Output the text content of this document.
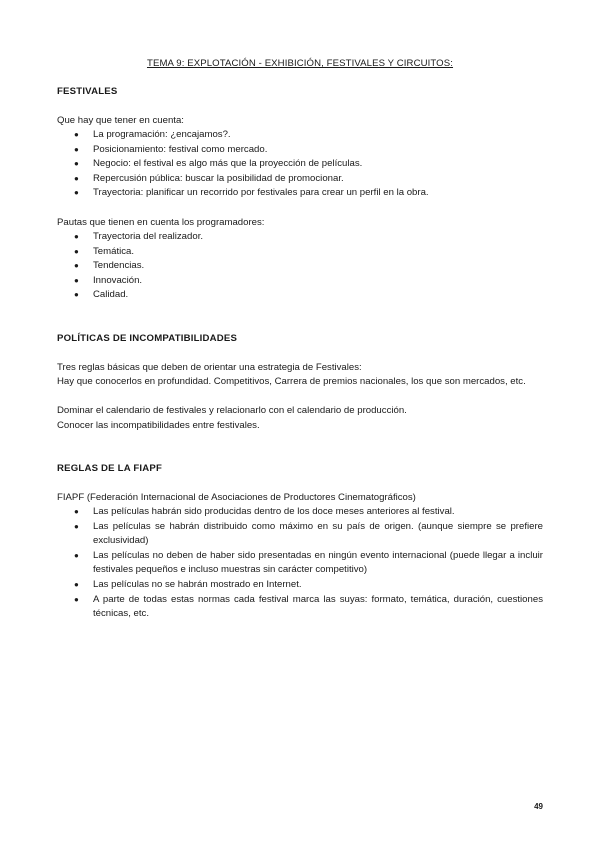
TEMA 9: EXPLOTACIÓN - EXHIBICIÓN, FESTIVALES Y CIRCUITOS:
FESTIVALES
Que hay que tener en cuenta:
● La programación: ¿encajamos?.
● Posicionamiento: festival como mercado.
● Negocio: el festival es algo más que la proyección de películas.
● Repercusión pública: buscar la posibilidad de promocionar.
● Trayectoria: planificar un recorrido por festivales para crear un perfil en la obra.
Pautas que tienen en cuenta los programadores:
● Trayectoria del realizador.
● Temática.
● Tendencias.
● Innovación.
● Calidad.
POLÍTICAS DE INCOMPATIBILIDADES
Tres reglas básicas que deben de orientar una estrategia de Festivales:
Hay que conocerlos en profundidad. Competitivos, Carrera de premios nacionales, los que son mercados, etc.
Dominar el calendario de festivales y relacionarlo con el calendario de producción.
Conocer las incompatibilidades entre festivales.
REGLAS DE LA FIAPF
FIAPF (Federación Internacional de Asociaciones de Productores Cinematográficos)
● Las películas habrán sido producidas dentro de los doce meses anteriores al festival.
● Las películas se habrán distribuido como máximo en su país de origen. (aunque siempre se prefiere exclusividad)
● Las películas no deben de haber sido presentadas en ningún evento internacional (puede llegar a incluir festivales pequeños e incluso muestras sin carácter competitivo)
● Las películas no se habrán mostrado en Internet.
● A parte de todas estas normas cada festival marca las suyas: formato, temática, duración, cuestiones técnicas, etc.
49
